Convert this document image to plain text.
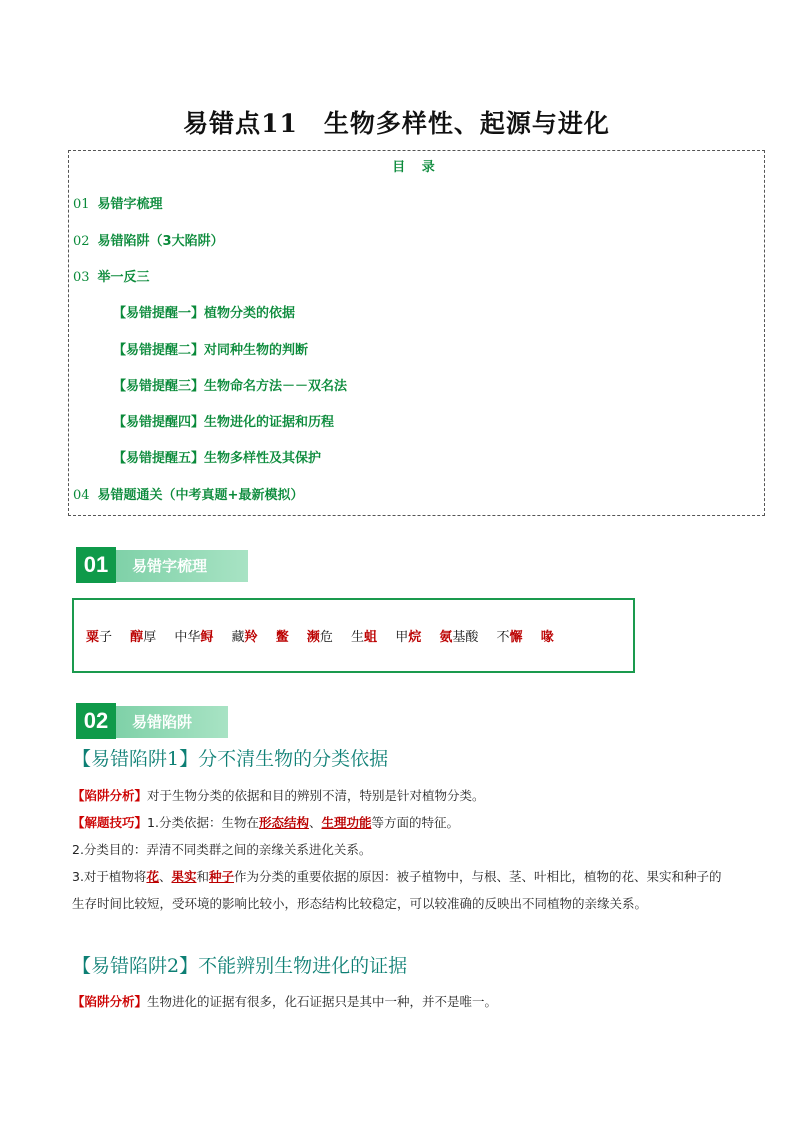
易错点11　生物多样性、起源与进化
目 录
01 易错字梳理
02 易错陷阱（3大陷阱）
03 举一反三
【易错提醒一】植物分类的依据
【易错提醒二】对同种生物的判断
【易错提醒三】生物命名方法－－双名法
【易错提醒四】生物进化的证据和历程
【易错提醒五】生物多样性及其保护
04 易错题通关（中考真题+最新模拟）
01	易错字梳理
粟子 醇厚 中华鲟 藏羚 鳖 濒危 生蛆 甲烷 氨基酸 不懈 喙
02	易错陷阱
【易错陷阱1】分不清生物的分类依据
【陷阱分析】对于生物分类的依据和目的辨别不清，特别是针对植物分类。
【解题技巧】1.分类依据：生物在形态结构、生理功能等方面的特征。
2.分类目的：弄清不同类群之间的亲缘关系进化关系。
3.对于植物将花、果实和种子作为分类的重要依据的原因：被子植物中，与根、茎、叶相比，植物的花、果实和种子的生存时间比较短，受环境的影响比较小，形态结构比较稳定，可以较准确的反映出不同植物的亲缘关系。
【易错陷阱2】不能辨别生物进化的证据
【陷阱分析】生物进化的证据有很多，化石证据只是其中一种，并不是唯一。
